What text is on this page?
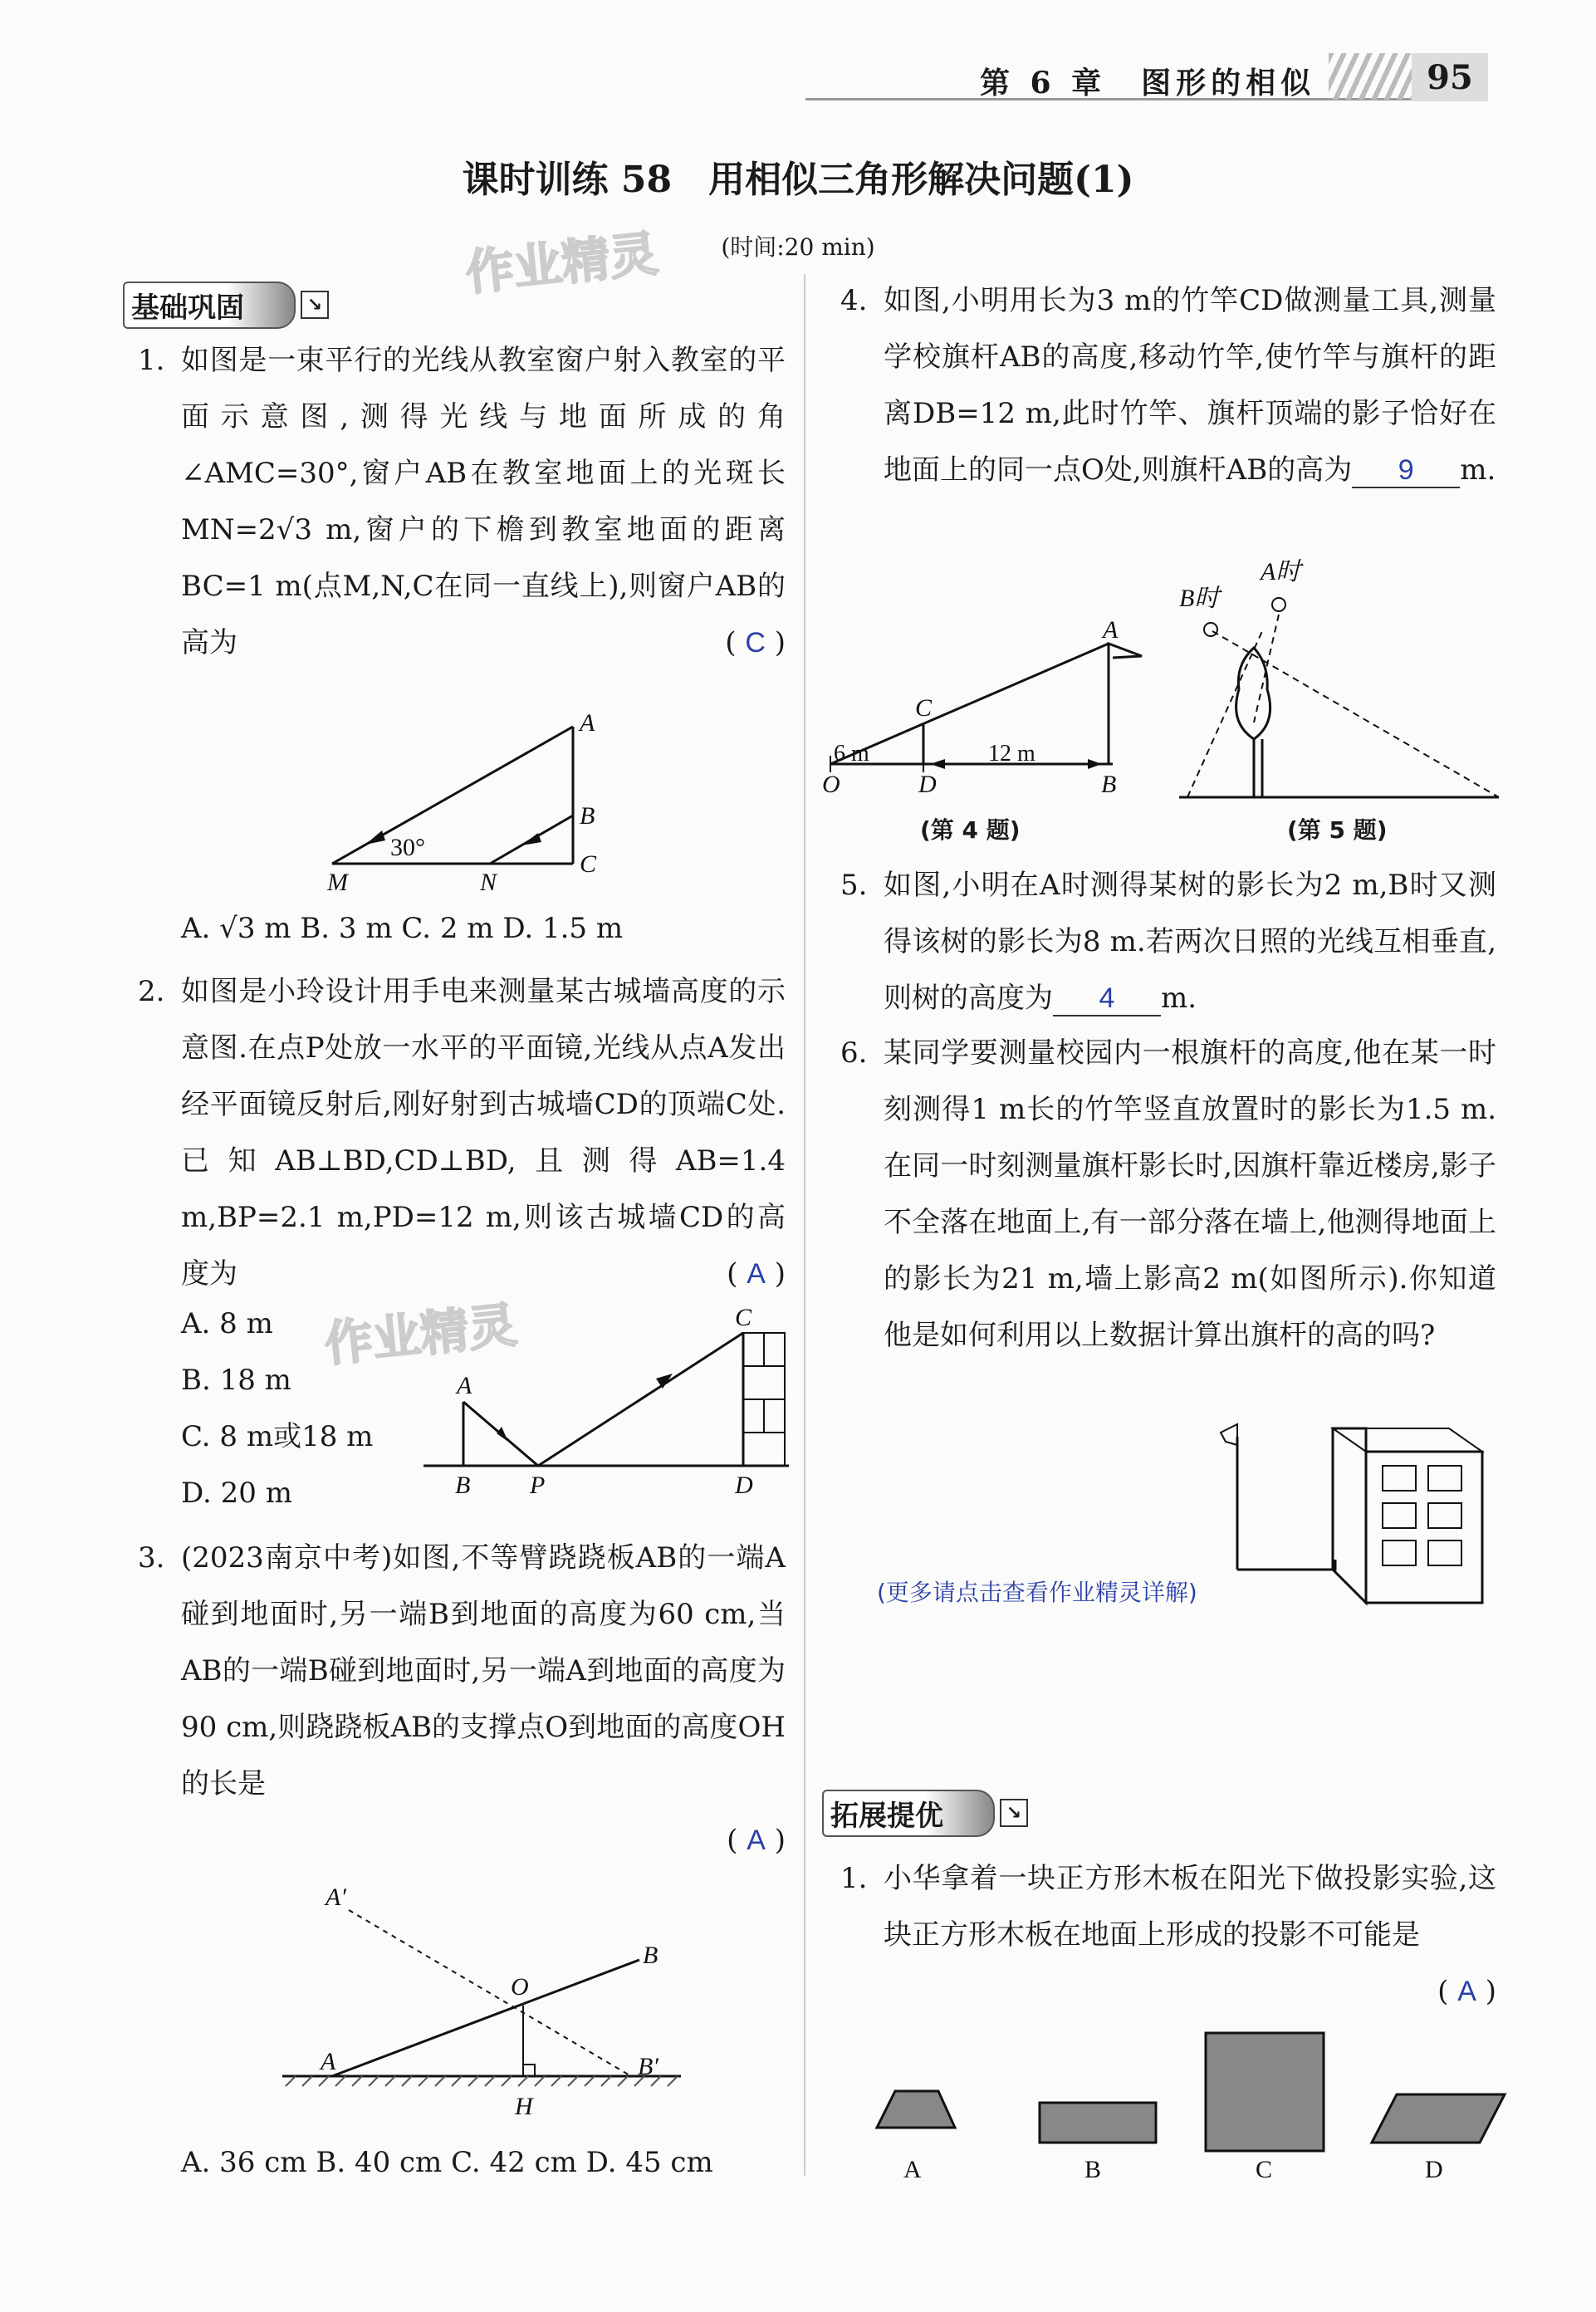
第 6 章　图形的相似	95
课时训练 58　用相似三角形解决问题(1)
(时间:20 min)
作业精灵
作业精灵
基础巩固	↘
1. 如图是一束平行的光线从教室窗户射入教室的平面示意图,测得光线与地面所成的角∠AMC=30°,窗户AB在教室地面上的光斑长MN=2√3 m,窗户的下檐到教室地面的距离BC=1 m(点M,N,C在同一直线上),则窗户AB的高为	( C )
A
B
C
M	N
30°
A. √3 m B. 3 m C. 2 m D. 1.5 m
2. 如图是小玲设计用手电来测量某古城墙高度的示意图.在点P处放一水平的平面镜,光线从点A发出经平面镜反射后,刚好射到古城墙CD的顶端C处.已知AB⊥BD,CD⊥BD,且测得AB=1.4 m,BP=2.1 m,PD=12 m,则该古城墙CD的高度为	( A )
A. 8 m
B. 18 m
C. 8 m或18 m
D. 20 m
A
B P
C
D
3. (2023南京中考)如图,不等臂跷跷板AB的一端A碰到地面时,另一端B到地面的高度为60 cm,当AB的一端B碰到地面时,另一端A到地面的高度为90 cm,则跷跷板AB的支撑点O到地面的高度OH的长是
( A )
A′
B
O
A	B′
H
A. 36 cm B. 40 cm C. 42 cm D. 45 cm
4. 如图,小明用长为3 m的竹竿CD做测量工具,测量学校旗杆AB的高度,移动竹竿,使竹竿与旗杆的距离DB=12 m,此时竹竿、旗杆顶端的影子恰好在地面上的同一点O处,则旗杆AB的高为 9 m.
6 m	12 m
A
C
O	D	B
(第 4 题)
B时
A时
(第 5 题)
5. 如图,小明在A时测得某树的影长为2 m,B时又测得该树的影长为8 m.若两次日照的光线互相垂直,则树的高度为 4 m.
6. 某同学要测量校园内一根旗杆的高度,他在某一时刻测得1 m长的竹竿竖直放置时的影长为1.5 m.在同一时刻测量旗杆影长时,因旗杆靠近楼房,影子不全落在地面上,有一部分落在墙上,他测得地面上的影长为21 m,墙上影高2 m(如图所示).你知道他是如何利用以上数据计算出旗杆的高的吗?
(更多请点击查看作业精灵详解)
拓展提优	↘
1. 小华拿着一块正方形木板在阳光下做投影实验,这块正方形木板在地面上形成的投影不可能是
( A )
A	B	C	D
